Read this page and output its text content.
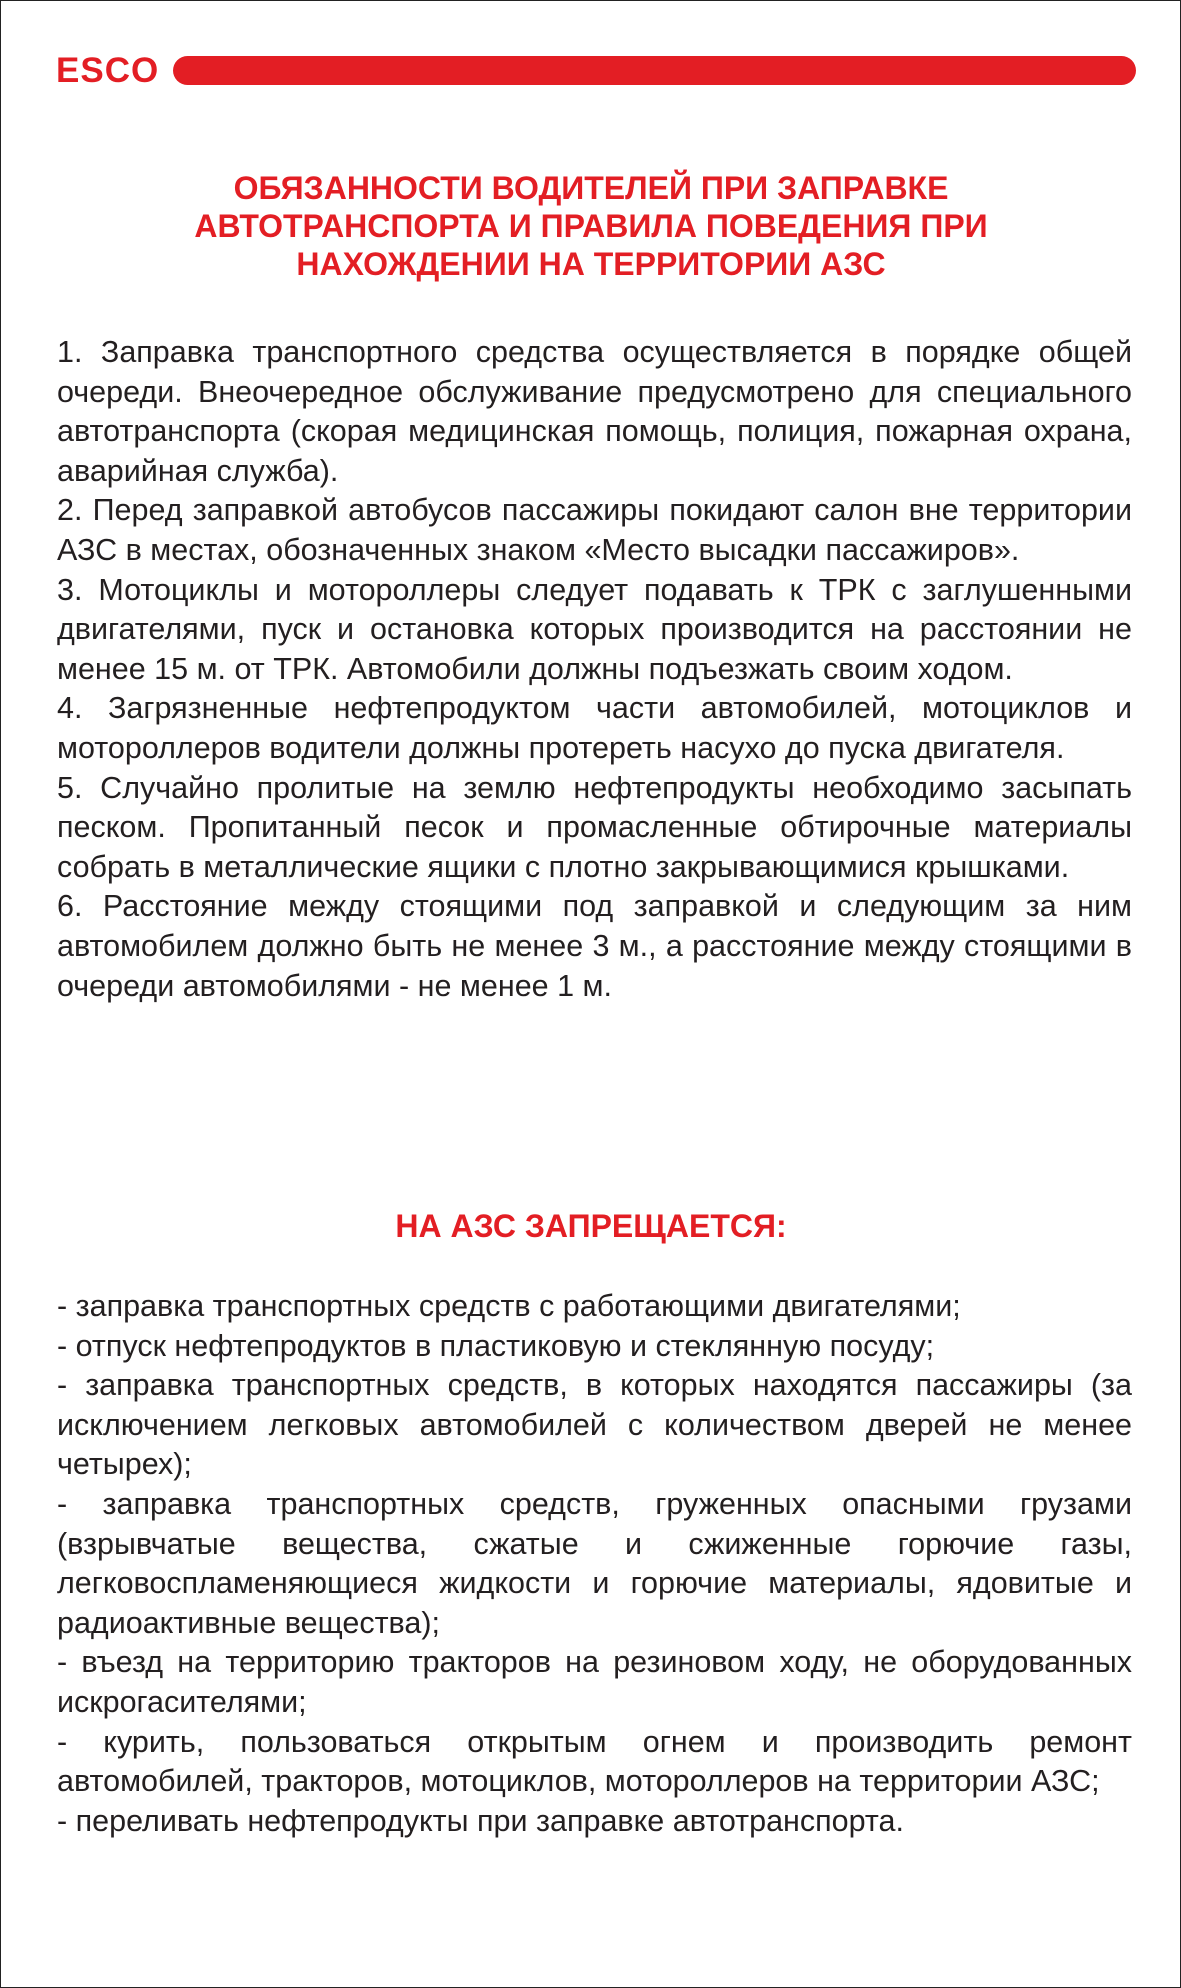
ESCO
ОБЯЗАННОСТИ ВОДИТЕЛЕЙ ПРИ ЗАПРАВКЕ
АВТОТРАНСПОРТА И ПРАВИЛА ПОВЕДЕНИЯ ПРИ
НАХОЖДЕНИИ НА ТЕРРИТОРИИ АЗС

1. Заправка транспортного средства осуществляется в порядке общей очереди. Внеочередное обслуживание предусмотрено для специального автотранспорта (скорая медицинская помощь, полиция, пожарная охрана, аварийная служба).

2. Перед заправкой автобусов пассажиры покидают салон вне территории АЗС в местах, обозначенных знаком «Место высадки пассажиров».

3. Мотоциклы и мотороллеры следует подавать к ТРК с заглушенными двигателями, пуск и остановка которых производится на расстоянии не менее 15 м. от ТРК. Автомобили должны подъезжать своим ходом.

4. Загрязненные нефтепродуктом части автомобилей, мотоциклов и мотороллеров водители должны протереть насухо до пуска двигателя.

5. Случайно пролитые на землю нефтепродукты необходимо засыпать песком. Пропитанный песок и промасленные обтирочные материалы собрать в металлические ящики с плотно закрывающимися крышками.

6. Расстояние между стоящими под заправкой и следующим за ним автомобилем должно быть не менее 3 м., а расстояние между стоящими в очереди автомобилями - не менее 1 м.

НА АЗС ЗАПРЕЩАЕТСЯ:
- заправка транспортных средств с работающими двигателями;
- отпуск нефтепродуктов в пластиковую и стеклянную посуду;
- заправка транспортных средств, в которых находятся пассажиры (за исключением легковых автомобилей с количеством дверей не менее четырех);
- заправка транспортных средств, груженных опасными грузами (взрывчатые вещества, сжатые и сжиженные горючие газы, легковоспламеняющиеся жидкости и горючие материалы, ядовитые и радиоактивные вещества);
- въезд на территорию тракторов на резиновом ходу, не оборудованных искрогасителями;
- курить, пользоваться открытым огнем и производить ремонт автомобилей, тракторов, мотоциклов, мотороллеров на территории АЗС;
- переливать нефтепродукты при заправке автотранспорта.
